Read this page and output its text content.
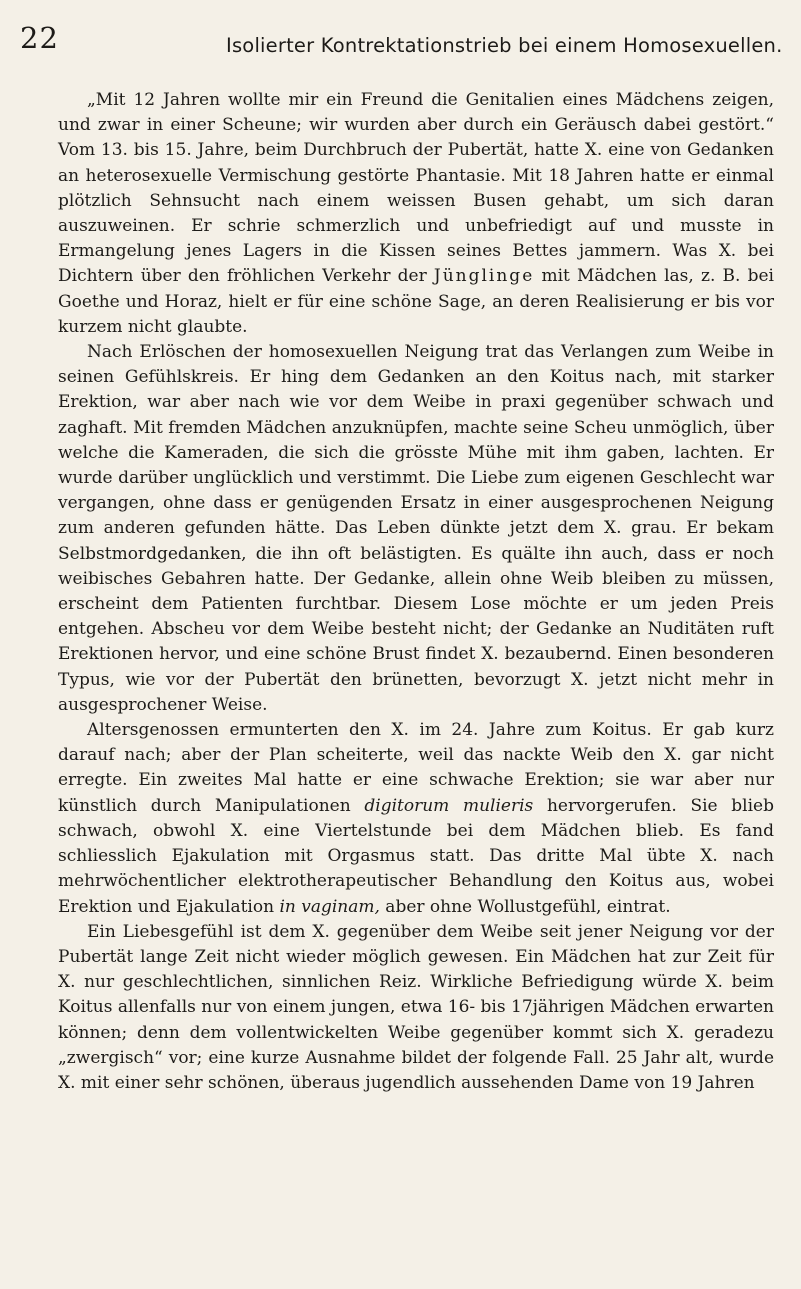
22	Isolierter Kontrektationstrieb bei einem Homosexuellen.

„Mit 12 Jahren wollte mir ein Freund die Genitalien eines Mädchens zeigen, und zwar in einer Scheune; wir wurden aber durch ein Geräusch dabei gestört.“ Vom 13. bis 15. Jahre, beim Durchbruch der Pubertät, hatte X. eine von Gedanken an heterosexuelle Vermischung gestörte Phantasie. Mit 18 Jahren hatte er einmal plötzlich Sehnsucht nach einem weissen Busen gehabt, um sich daran auszuweinen. Er schrie schmerzlich und unbefriedigt auf und musste in Ermangelung jenes Lagers in die Kissen seines Bettes jammern. Was X. bei Dichtern über den fröhlichen Verkehr der Jünglinge mit Mädchen las, z. B. bei Goethe und Horaz, hielt er für eine schöne Sage, an deren Realisierung er bis vor kurzem nicht glaubte.

Nach Erlöschen der homosexuellen Neigung trat das Verlangen zum Weibe in seinen Gefühlskreis. Er hing dem Gedanken an den Koitus nach, mit starker Erektion, war aber nach wie vor dem Weibe in praxi gegenüber schwach und zaghaft. Mit fremden Mädchen anzuknüpfen, machte seine Scheu unmöglich, über welche die Kameraden, die sich die grösste Mühe mit ihm gaben, lachten. Er wurde darüber unglücklich und verstimmt. Die Liebe zum eigenen Geschlecht war vergangen, ohne dass er genügenden Ersatz in einer ausgesprochenen Neigung zum anderen gefunden hätte. Das Leben dünkte jetzt dem X. grau. Er bekam Selbstmordgedanken, die ihn oft belästigten. Es quälte ihn auch, dass er noch weibisches Gebahren hatte. Der Gedanke, allein ohne Weib bleiben zu müssen, erscheint dem Patienten furchtbar. Diesem Lose möchte er um jeden Preis entgehen. Abscheu vor dem Weibe besteht nicht; der Gedanke an Nuditäten ruft Erektionen hervor, und eine schöne Brust findet X. bezaubernd. Einen besonderen Typus, wie vor der Pubertät den brünetten, bevorzugt X. jetzt nicht mehr in ausgesprochener Weise.

Altersgenossen ermunterten den X. im 24. Jahre zum Koitus. Er gab kurz darauf nach; aber der Plan scheiterte, weil das nackte Weib den X. gar nicht erregte. Ein zweites Mal hatte er eine schwache Erektion; sie war aber nur künstlich durch Manipulationen digitorum mulieris hervorgerufen. Sie blieb schwach, obwohl X. eine Viertelstunde bei dem Mädchen blieb. Es fand schliesslich Ejakulation mit Orgasmus statt. Das dritte Mal übte X. nach mehrwöchentlicher elektrotherapeutischer Behandlung den Koitus aus, wobei Erektion und Ejakulation in vaginam, aber ohne Wollustgefühl, eintrat.

Ein Liebesgefühl ist dem X. gegenüber dem Weibe seit jener Neigung vor der Pubertät lange Zeit nicht wieder möglich gewesen. Ein Mädchen hat zur Zeit für X. nur geschlechtlichen, sinnlichen Reiz. Wirkliche Befriedigung würde X. beim Koitus allenfalls nur von einem jungen, etwa 16- bis 17jährigen Mädchen erwarten können; denn dem vollentwickelten Weibe gegenüber kommt sich X. geradezu „zwergisch“ vor; eine kurze Ausnahme bildet der folgende Fall. 25 Jahr alt, wurde X. mit einer sehr schönen, überaus jugendlich aussehenden Dame von 19 Jahren
